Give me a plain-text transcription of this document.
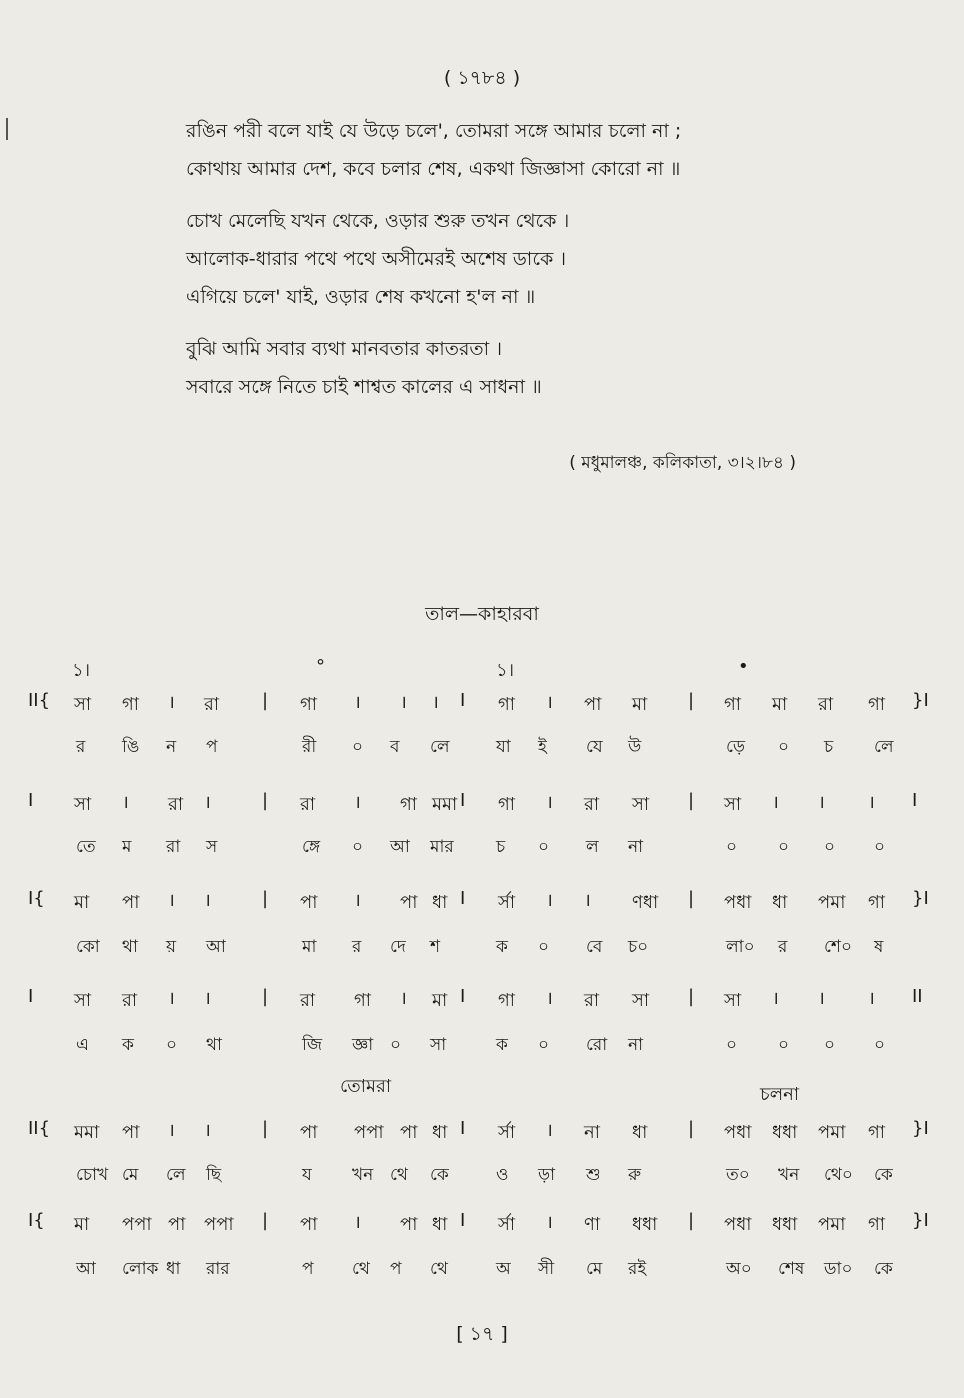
( ১৭৮৪ )
রঙিন পরী বলে যাই যে উড়ে চলে', তোমরা সঙ্গে আমার চলো না ;
কোথায় আমার দেশ, কবে চলার শেষ, একথা জিজ্ঞাসা কোরো না ॥
চোখ মেলেছি যখন থেকে, ওড়ার শুরু তখন থেকে ।
আলোক-ধারার পথে পথে অসীমেরই অশেষ ডাকে ।
এগিয়ে চলে' যাই, ওড়ার শেষ কখনো হ'ল না ॥
বুঝি আমি সবার ব্যথা মানবতার কাতরতা ।
সবারে সঙ্গে নিতে চাই শাশ্বত কালের এ সাধনা ॥
( মধুমালঞ্চ, কলিকাতা, ৩।২।৮৪ )
তাল—কাহারবা
II{ সা গা । রা | গা । । । I গা । পা মা | গা মা রা গা }I
র ঙি ন প	রী ০ ব লে	যা ই যে উ	ড়ে ০ চ লে
I সা । রা ।	| রা । গা মমা I গা । রা সা | সা । । । I
তে ম রা স	ঙ্গে ০ আ মার চ ০ ল না	০ ০ ০ ০
I{ মা পা । ।	| পা । পা ধা I র্সা । । ণধা | পধা ধা পমা গা }I
কো থা য় আ	মা র দে শ	ক ০ বে চ০	লা০ র শে০ ষ
I সা রা । ।	| রা গা । মা I গা । রা সা | সা । । । II
এ ক ০ থা	জি জ্ঞা ০ সা	ক ০ রো না	০ ০ ০ ০
II{ মমা পা । ।	| পা পপা পা ধা I র্সা । না ধা | পধা ধধা পমা গা }I
চোখ মে লে ছি	য খন থে কে	ও ড়া শু রু	ত০ খন থে০ কে
I{ মা পপা পা পপা | পা । পা ধা I র্সা । ণা ধধা | পধা ধধা পমা গা }I
আ লোক ধা রার	প থে প থে	অ সী মে রই	অ০ শেষ ডা০ কে
[ ১৭ ]
১।	°	১।	•
তোমরা	চলনা
